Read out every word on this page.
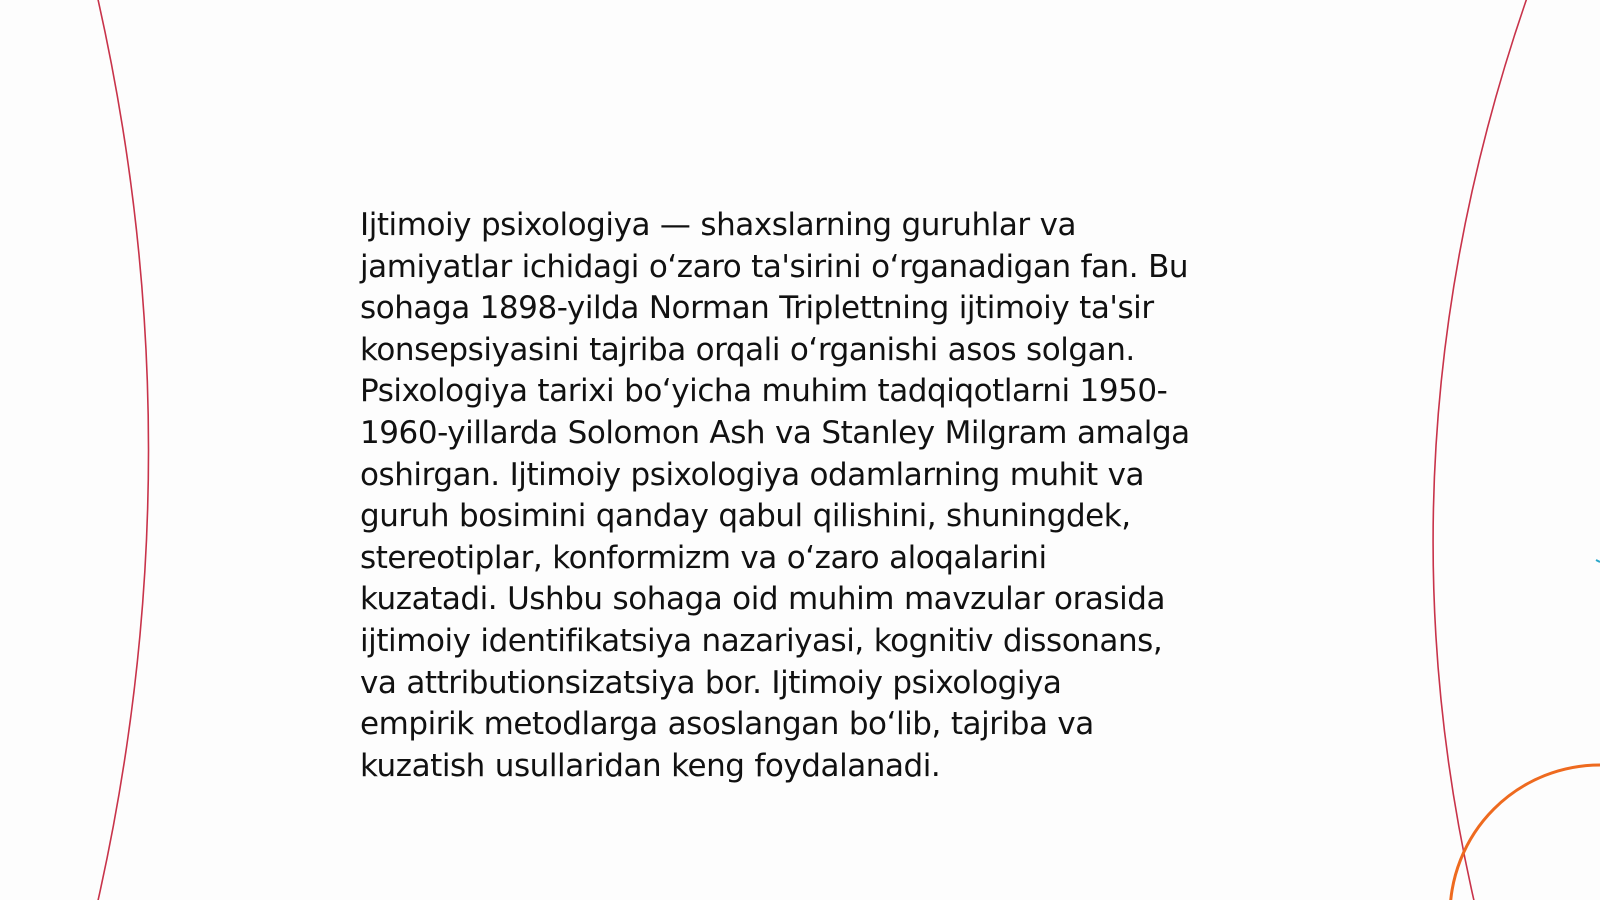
Ijtimoiy psixologiya — shaxslarning guruhlar va
jamiyatlar ichidagi o‘zaro ta'sirini o‘rganadigan fan. Bu
sohaga 1898-yilda Norman Triplettning ijtimoiy ta'sir
konsepsiyasini tajriba orqali o‘rganishi asos solgan.
Psixologiya tarixi bo‘yicha muhim tadqiqotlarni 1950-
1960-yillarda Solomon Ash va Stanley Milgram amalga
oshirgan. Ijtimoiy psixologiya odamlarning muhit va
guruh bosimini qanday qabul qilishini, shuningdek,
stereotiplar, konformizm va o‘zaro aloqalarini
kuzatadi. Ushbu sohaga oid muhim mavzular orasida
ijtimoiy identifikatsiya nazariyasi, kognitiv dissonans,
va attributionsizatsiya bor. Ijtimoiy psixologiya
empirik metodlarga asoslangan bo‘lib, tajriba va
kuzatish usullaridan keng foydalanadi.
